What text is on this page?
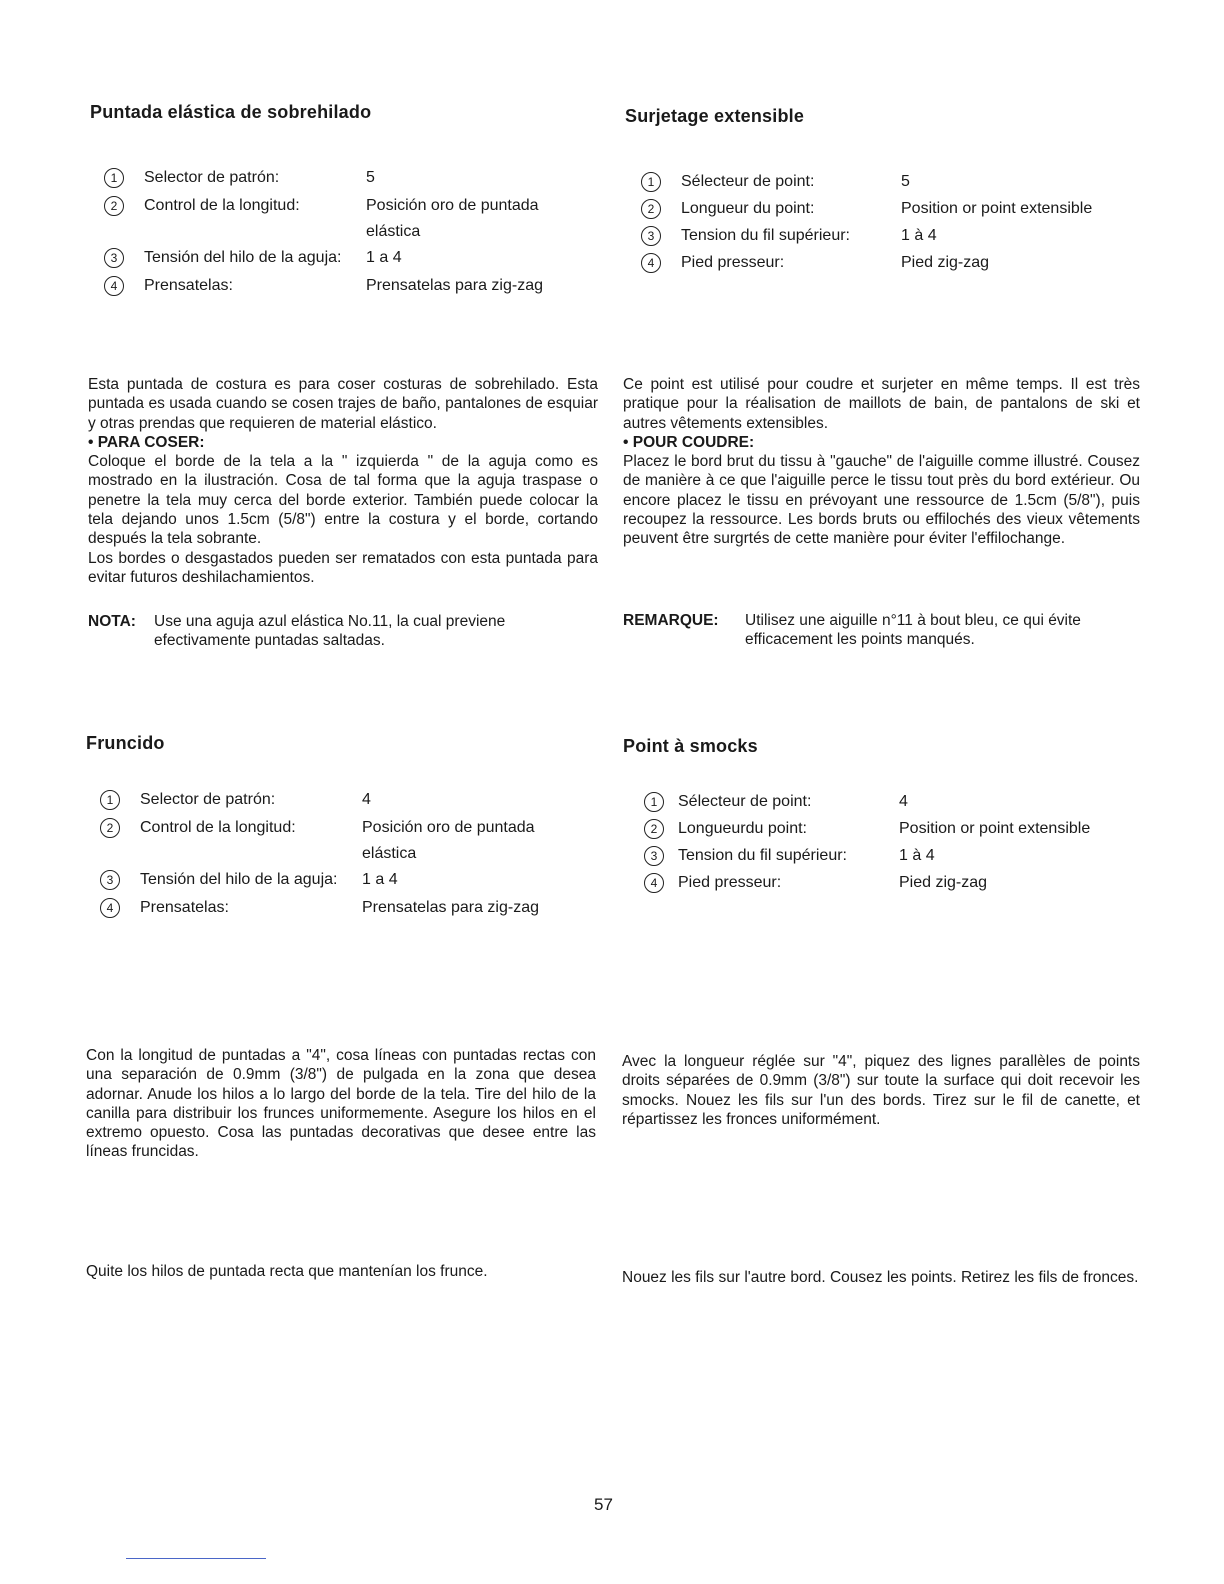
Puntada elástica de sobrehilado
1	Selector de patrón:	5
2	Control de la longitud:	Posición oro de puntada
elástica
3	Tensión del hilo de la aguja: 1 a 4
4	Prensatelas:	Prensatelas para zig-zag

Esta puntada de costura es para coser costuras de sobrehilado. Esta puntada es usada cuando se cosen trajes de baño, pantalones de esquiar y otras prendas que requieren de material elástico.

• PARA COSER:

Coloque el borde de la tela a la " izquierda " de la aguja como es mostrado en la ilustración. Cosa de tal forma que la aguja traspase o penetre la tela muy cerca del borde exterior. También puede colocar la tela dejando unos 1.5cm (5/8") entre la costura y el borde, cortando después la tela sobrante.

Los bordes o desgastados pueden ser rematados con esta puntada para evitar futuros deshilachamientos.

NOTA: Use una aguja azul elástica No.11, la cual previene efectivamente puntadas saltadas.
Surjetage extensible
1	Sélecteur de point:	5
2	Longueur du point:	Position or point extensible
3	Tension du fil supérieur:	1 à 4
4	Pied presseur:	Pied zig-zag

Ce point est utilisé pour coudre et surjeter en même temps. Il est très pratique pour la réalisation de maillots de bain, de pantalons de ski et autres vêtements extensibles.

• POUR COUDRE:

Placez le bord brut du tissu à "gauche" de l'aiguille comme illustré. Cousez de manière à ce que l'aiguille perce le tissu tout près du bord extérieur. Ou encore placez le tissu en prévoyant une ressource de 1.5cm (5/8"), puis recoupez la ressource. Les bords bruts ou effilochés des vieux vêtements peuvent être surgrtés de cette manière pour éviter l'effilochange.

REMARQUE: Utilisez une aiguille n°11 à bout bleu, ce qui évite efficacement les points manqués.
Fruncido
1	Selector de patrón:	4
2	Control de la longitud:	Posición oro de puntada
elástica
3	Tensión del hilo de la aguja: 1 a 4
4	Prensatelas:	Prensatelas para zig-zag

Con la longitud de puntadas a "4", cosa líneas con puntadas rectas con una separación de 0.9mm (3/8") de pulgada en la zona que desea adornar. Anude los hilos a lo largo del borde de la tela. Tire del hilo de la canilla para distribuir los frunces uniformemente. Asegure los hilos en el extremo opuesto. Cosa las puntadas decorativas que desee entre las líneas fruncidas.

Quite los hilos de puntada recta que mantenían los frunce.

Point à smocks
1	Sélecteur de point:	4
2	Longueurdu point:	Position or point extensible
3	Tension du fil supérieur:	1 à 4
4	Pied presseur:	Pied zig-zag

Avec la longueur réglée sur "4", piquez des lignes parallèles de points droits séparées de 0.9mm (3/8") sur toute la surface qui doit recevoir les smocks. Nouez les fils sur l'un des bords. Tirez sur le fil de canette, et répartissez les fronces uniformément.

Nouez les fils sur l'autre bord. Cousez les points. Retirez les fils de fronces.

57
